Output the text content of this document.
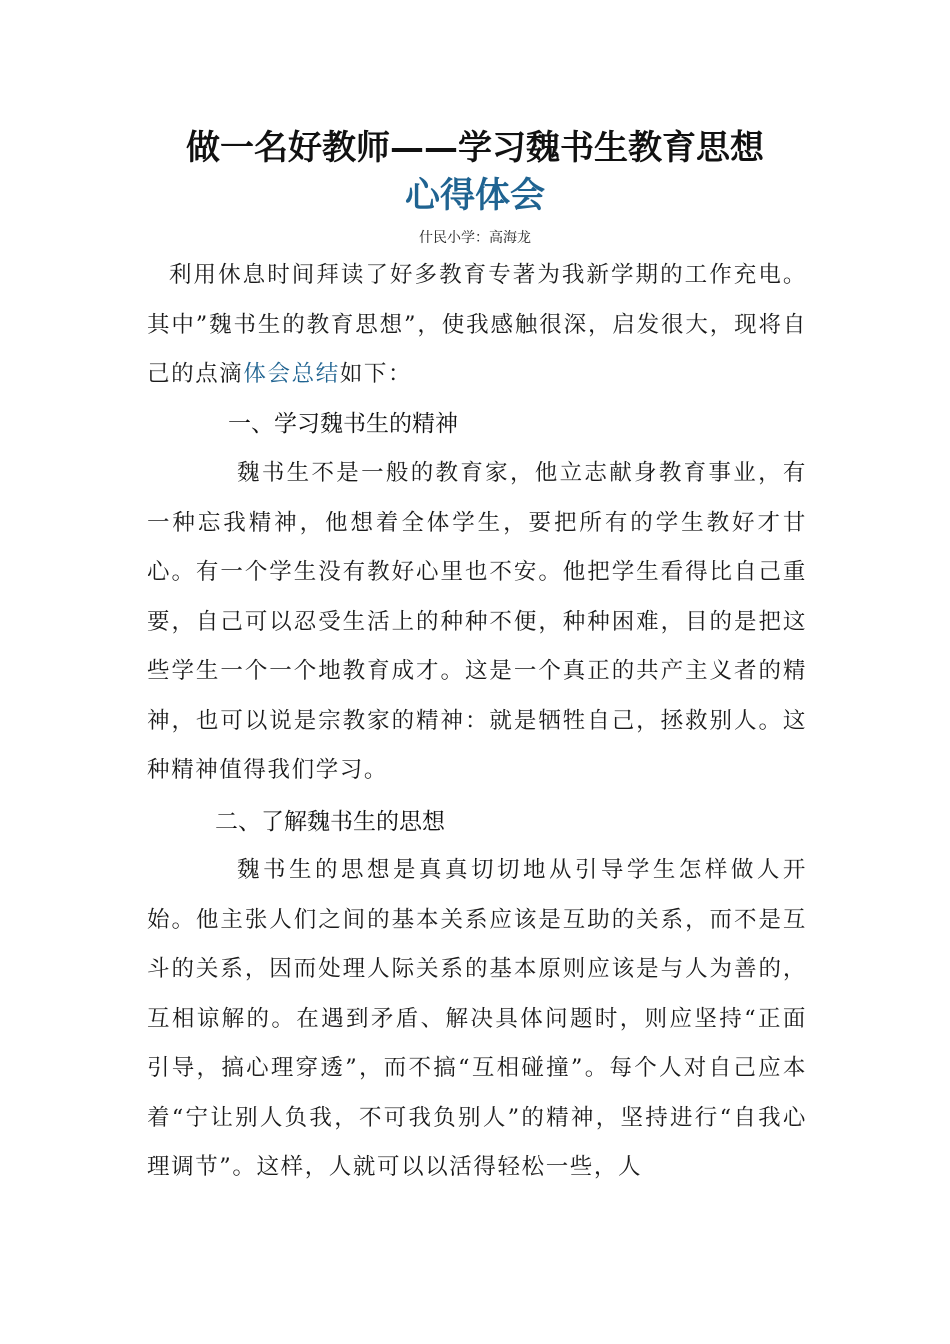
做一名好教师——学习魏书生教育思想
心得体会
什民小学：高海龙

利用休息时间拜读了好多教育专著为我新学期的工作充电。其中”魏书生的教育思想”，使我感触很深，启发很大，现将自己的点滴体会总结如下：

一、学习魏书生的精神

魏书生不是一般的教育家，他立志献身教育事业，有一种忘我精神，他想着全体学生，要把所有的学生教好才甘心。有一个学生没有教好心里也不安。他把学生看得比自己重要，自己可以忍受生活上的种种不便，种种困难，目的是把这些学生一个一个地教育成才。这是一个真正的共产主义者的精神，也可以说是宗教家的精神：就是牺牲自己，拯救别人。这种精神值得我们学习。

二、了解魏书生的思想

魏书生的思想是真真切切地从引导学生怎样做人开始。他主张人们之间的基本关系应该是互助的关系，而不是互斗的关系，因而处理人际关系的基本原则应该是与人为善的，互相谅解的。在遇到矛盾、解决具体问题时，则应坚持“正面引导，搞心理穿透”，而不搞“互相碰撞”。每个人对自己应本着“宁让别人负我，不可我负别人”的精神，坚持进行“自我心理调节”。这样，人就可以以活得轻松一些，人
